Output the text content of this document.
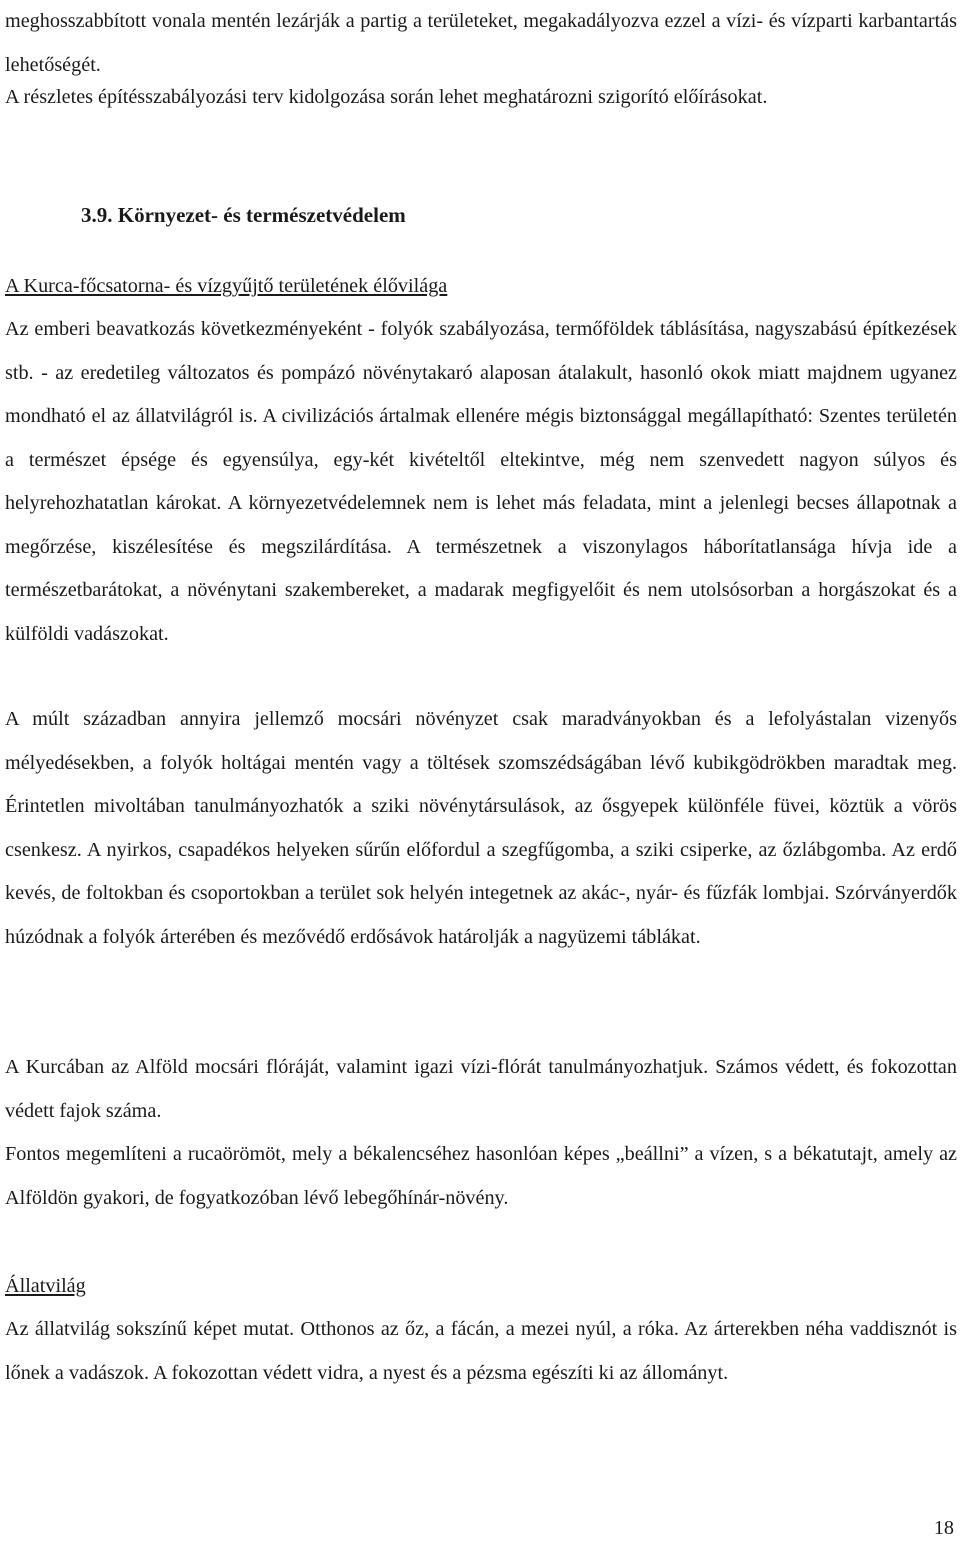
meghosszabbított vonala mentén lezárják a partig a területeket, megakadályozva ezzel a vízi- és vízparti karbantartás lehetőségét.

A részletes építésszabályozási terv kidolgozása során lehet meghatározni szigorító előírásokat.

3.9. Környezet- és természetvédelem

A Kurca-főcsatorna- és vízgyűjtő területének élővilága

Az emberi beavatkozás következményeként - folyók szabályozása, termőföldek táblásítása, nagyszabású építkezések stb. - az eredetileg változatos és pompázó növénytakaró alaposan átalakult, hasonló okok miatt majdnem ugyanez mondható el az állatvilágról is. A civilizációs ártalmak ellenére mégis biztonsággal megállapítható: Szentes területén a természet épsége és egyensúlya, egy-két kivételtől eltekintve, még nem szenvedett nagyon súlyos és helyrehozhatatlan károkat. A környezetvédelemnek nem is lehet más feladata, mint a jelenlegi becses állapotnak a megőrzése, kiszélesítése és megszilárdítása. A természetnek a viszonylagos háborítatlansága hívja ide a természetbarátokat, a növénytani szakembereket, a madarak megfigyelőit és nem utolsósorban a horgászokat és a külföldi vadászokat.

A múlt században annyira jellemző mocsári növényzet csak maradványokban és a lefolyástalan vizenyős mélyedésekben, a folyók holtágai mentén vagy a töltések szomszédságában lévő kubikgödrökben maradtak meg. Érintetlen mivoltában tanulmányozhatók a sziki növénytársulások, az ősgyepek különféle füvei, köztük a vörös csenkesz. A nyirkos, csapadékos helyeken sűrűn előfordul a szegfűgomba, a sziki csiperke, az őzlábgomba. Az erdő kevés, de foltokban és csoportokban a terület sok helyén integetnek az akác-, nyár- és fűzfák lombjai. Szórványerdők húzódnak a folyók árterében és mezővédő erdősávok határolják a nagyüzemi táblákat.

A Kurcában az Alföld mocsári flóráját, valamint igazi vízi-flórát tanulmányozhatjuk. Számos védett, és fokozottan védett fajok száma.

Fontos megemlíteni a rucaörömöt, mely a békalencséhez hasonlóan képes „beállni” a vízen, s a békatutajt, amely az Alföldön gyakori, de fogyatkozóban lévő lebegőhínár-növény.

Állatvilág

Az állatvilág sokszínű képet mutat. Otthonos az őz, a fácán, a mezei nyúl, a róka. Az árterekben néha vaddisznót is lőnek a vadászok. A fokozottan védett vidra, a nyest és a pézsma egészíti ki az állományt.

18
